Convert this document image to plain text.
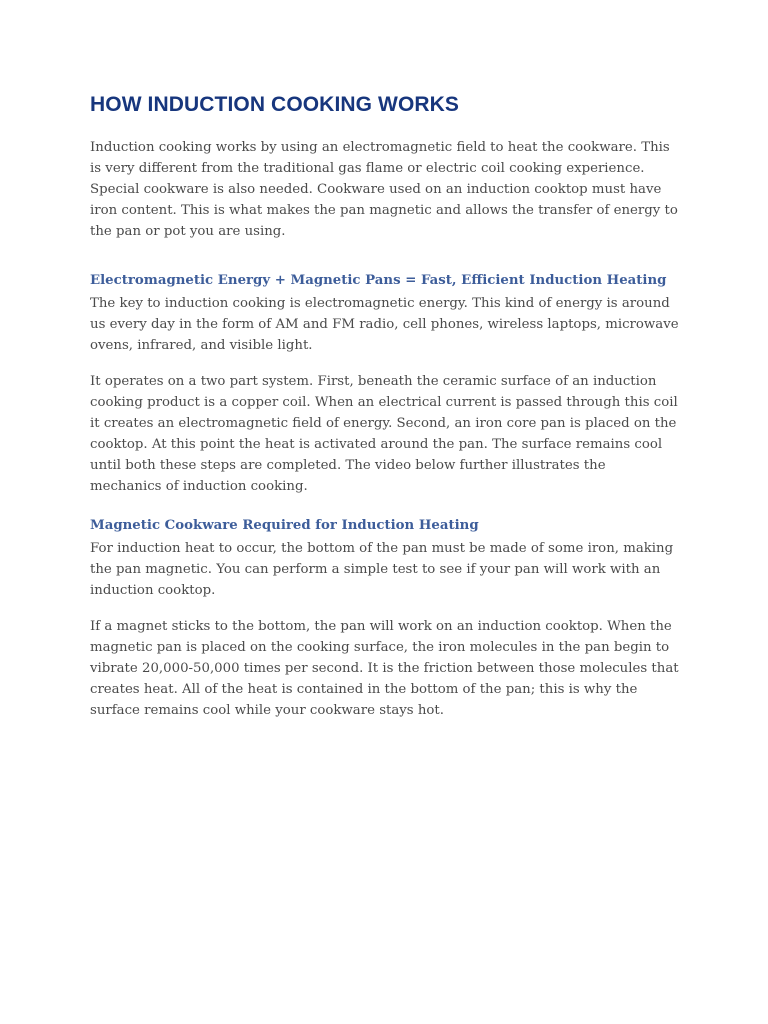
HOW INDUCTION COOKING WORKS

Induction cooking works by using an electromagnetic field to heat the cookware. This is very different from the traditional gas flame or electric coil cooking experience. Special cookware is also needed. Cookware used on an induction cooktop must have iron content. This is what makes the pan magnetic and allows the transfer of energy to the pan or pot you are using.

Electromagnetic Energy + Magnetic Pans = Fast, Efficient Induction Heating

The key to induction cooking is electromagnetic energy. This kind of energy is around us every day in the form of AM and FM radio, cell phones, wireless laptops, microwave ovens, infrared, and visible light.

It operates on a two part system. First, beneath the ceramic surface of an induction cooking product is a copper coil. When an electrical current is passed through this coil it creates an electromagnetic field of energy. Second, an iron core pan is placed on the cooktop. At this point the heat is activated around the pan. The surface remains cool until both these steps are completed. The video below further illustrates the mechanics of induction cooking.

Magnetic Cookware Required for Induction Heating

For induction heat to occur, the bottom of the pan must be made of some iron, making the pan magnetic. You can perform a simple test to see if your pan will work with an induction cooktop.

If a magnet sticks to the bottom, the pan will work on an induction cooktop. When the magnetic pan is placed on the cooking surface, the iron molecules in the pan begin to vibrate 20,000-50,000 times per second. It is the friction between those molecules that creates heat. All of the heat is contained in the bottom of the pan; this is why the surface remains cool while your cookware stays hot.
